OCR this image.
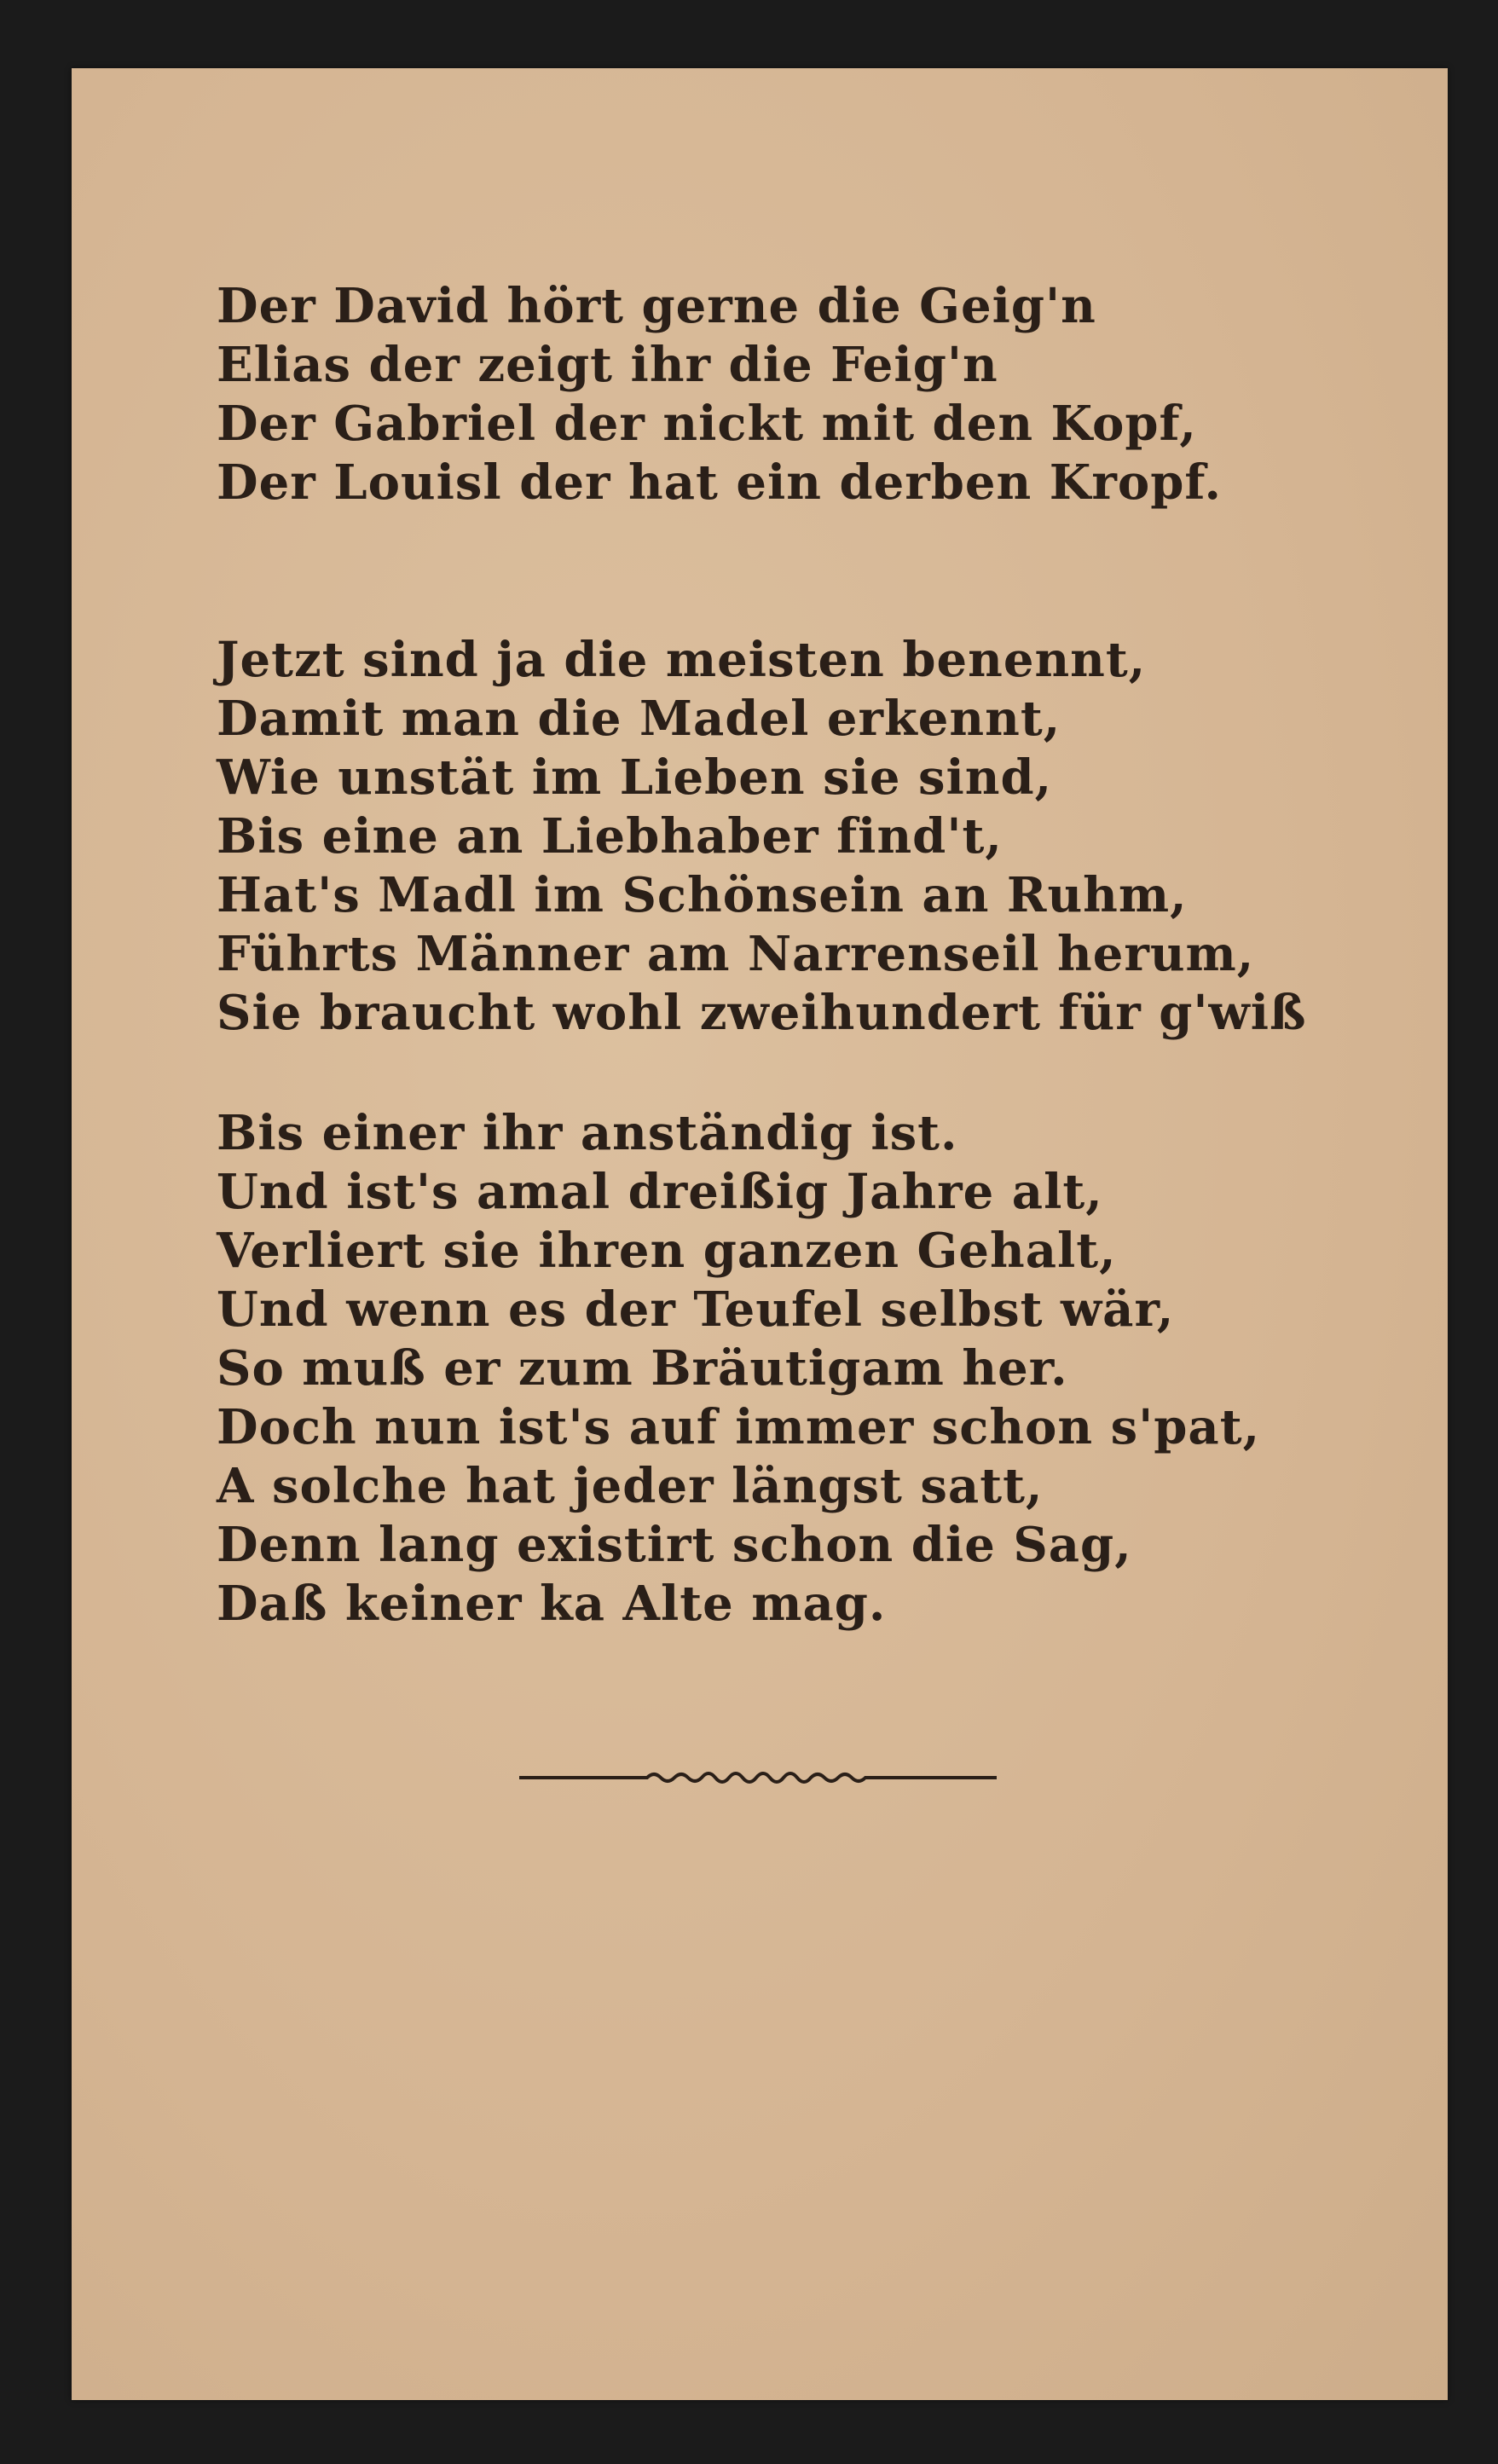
Der David hört gerne die Geig'n
Elias der zeigt ihr die Feig'n
Der Gabriel der nickt mit den Kopf,
Der Louisl der hat ein derben Kropf.
Jetzt sind ja die meisten benennt,
Damit man die Madel erkennt,
Wie unstät im Lieben sie sind,
Bis eine an Liebhaber find't,
Hat's Madl im Schönsein an Ruhm,
Führts Männer am Narrenseil herum,
Sie braucht wohl zweihundert für g'wiß
Bis einer ihr anständig ist.
Und ist's amal dreißig Jahre alt,
Verliert sie ihren ganzen Gehalt,
Und wenn es der Teufel selbst wär,
So muß er zum Bräutigam her.
Doch nun ist's auf immer schon s'pat,
A solche hat jeder längst satt,
Denn lang existirt schon die Sag,
Daß keiner ka Alte mag.
